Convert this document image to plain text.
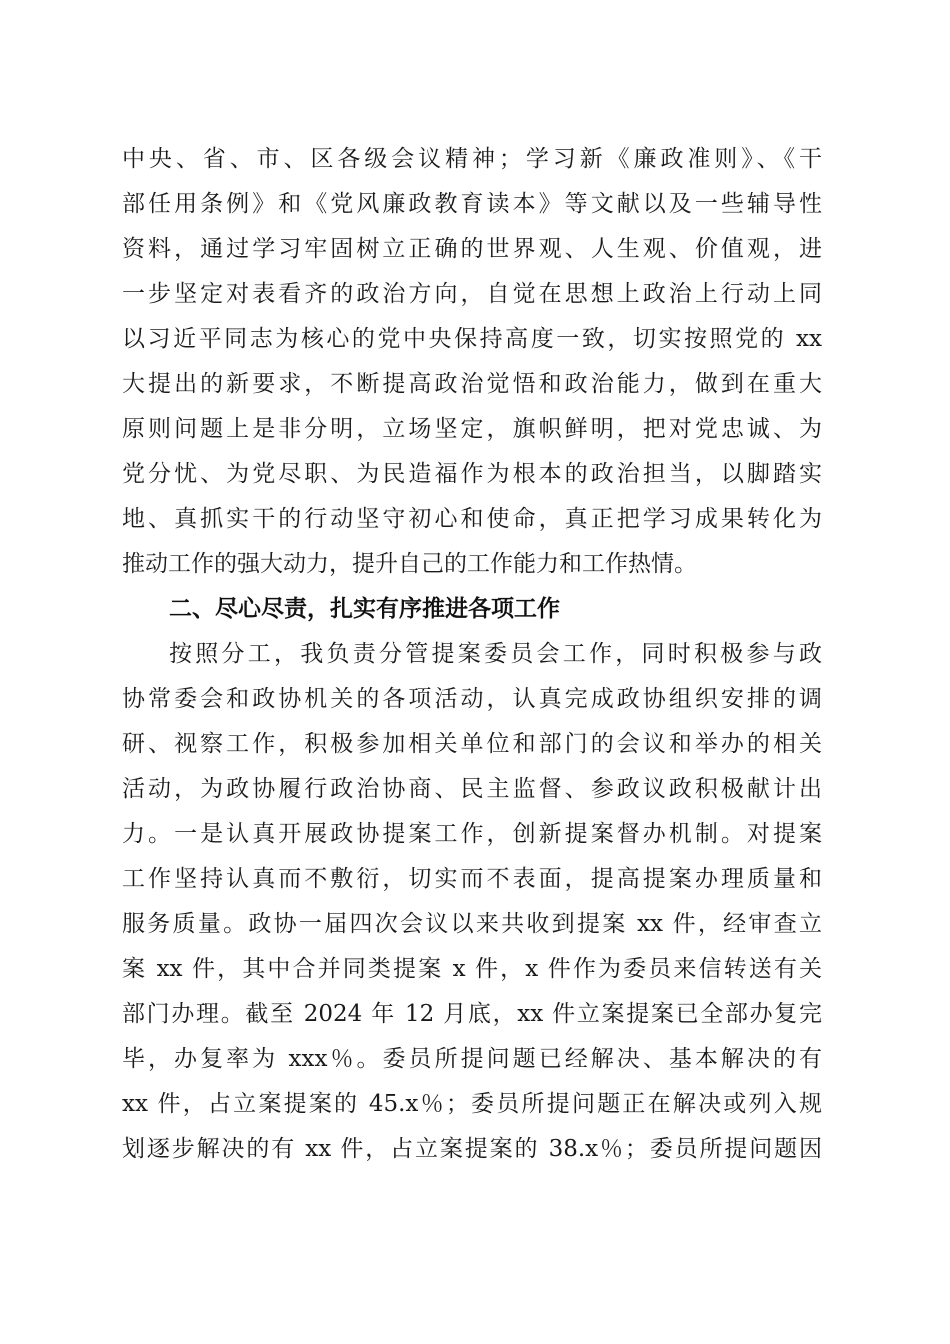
中央、省、市、区各级会议精神；学习新《廉政准则》、《干
部任用条例》和《党风廉政教育读本》等文献以及一些辅导性
资料，通过学习牢固树立正确的世界观、人生观、价值观，进
一步坚定对表看齐的政治方向，自觉在思想上政治上行动上同
以习近平同志为核心的党中央保持高度一致，切实按照党的 xx
大提出的新要求，不断提高政治觉悟和政治能力，做到在重大
原则问题上是非分明，立场坚定，旗帜鲜明，把对党忠诚、为
党分忧、为党尽职、为民造福作为根本的政治担当，以脚踏实
地、真抓实干的行动坚守初心和使命，真正把学习成果转化为
推动工作的强大动力，提升自己的工作能力和工作热情。
二、尽心尽责，扎实有序推进各项工作
按照分工，我负责分管提案委员会工作，同时积极参与政
协常委会和政协机关的各项活动，认真完成政协组织安排的调
研、视察工作，积极参加相关单位和部门的会议和举办的相关
活动，为政协履行政治协商、民主监督、参政议政积极献计出
力。一是认真开展政协提案工作，创新提案督办机制。对提案
工作坚持认真而不敷衍，切实而不表面，提高提案办理质量和
服务质量。政协一届四次会议以来共收到提案 xx 件，经审查立
案 xx 件，其中合并同类提案 x 件，x 件作为委员来信转送有关
部门办理。截至 2024 年 12 月底，xx 件立案提案已全部办复完
毕，办复率为 xxx％。委员所提问题已经解决、基本解决的有
xx 件，占立案提案的 45.x％；委员所提问题正在解决或列入规
划逐步解决的有 xx 件，占立案提案的 38.x％；委员所提问题因
